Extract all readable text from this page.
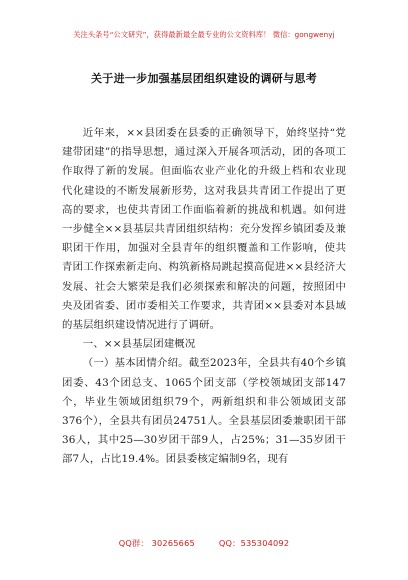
关注头条号“公文研究”，获得最新最全最专业的公文资料库！ 微信：gongwenyj
关于进一步加强基层团组织建设的调研与思考

近年来，××县团委在县委的正确领导下，始终坚持“党建带团建”的指导思想，通过深入开展各项活动，团的各项工作取得了新的发展。但面临农业产业化的升级上档和农业现代化建设的不断发展新形势，这对我县共青团工作提出了更高的要求，也使共青团工作面临着新的挑战和机遇。如何进一步健全××县基层共青团组织结构：充分发挥乡镇团委及兼职团干作用，加强对全县青年的组织覆盖和工作影响，使共青团工作探索新走向、构筑新格局跳起摸高促进××县经济大发展、社会大繁荣是我们必须探索和解决的问题，按照团中央及团省委、团市委相关工作要求，共青团××县委对本县域的基层组织建设情况进行了调研。

一、××县基层团建概况

（一）基本团情介绍。截至2023年，全县共有40个乡镇团委、43个团总支、1065个团支部（学校领域团支部147个，毕业生领域团组织79个，两新组织和非公领域团支部376个），全县共有团员24751人。全县基层团委兼职团干部36人，其中25—30岁团干部9人，占25%；31—35岁团干部7人，占比19.4%。团县委核定编制9名，现有

QQ群： 30265665	QQ：535304092
